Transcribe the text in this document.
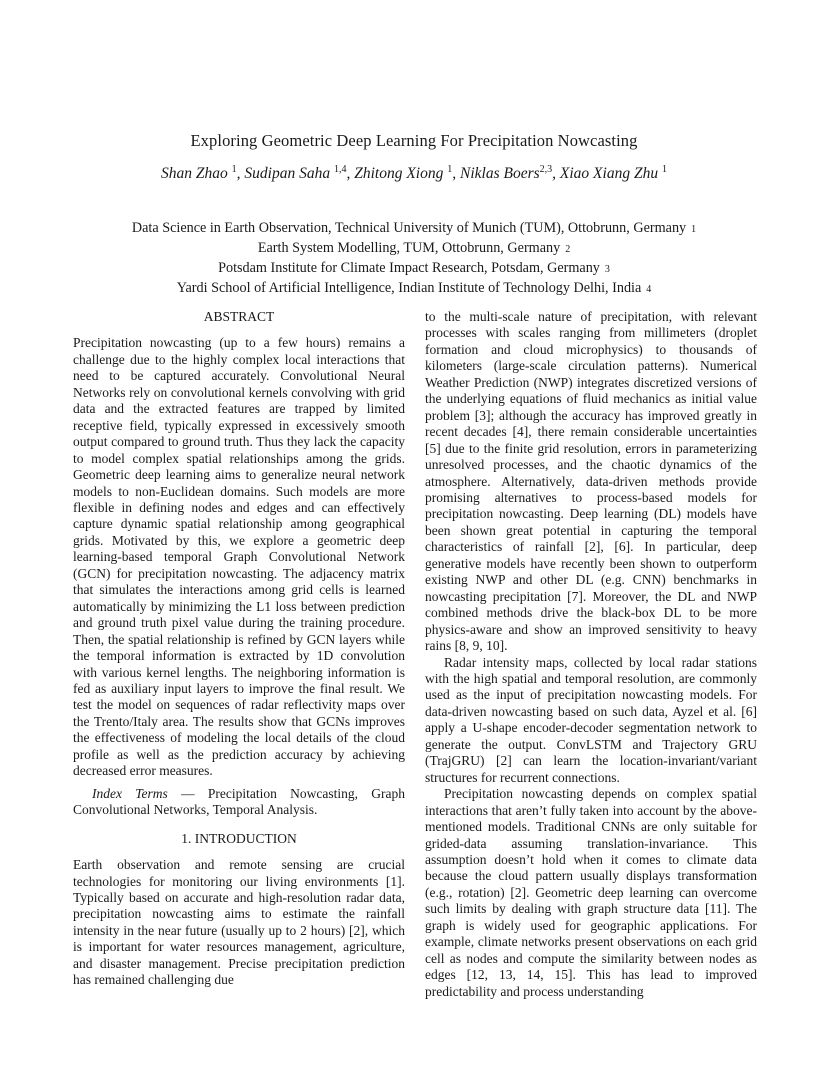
Exploring Geometric Deep Learning For Precipitation Nowcasting
Shan Zhao $^1$, Sudipan Saha $^{1,4}$, Zhitong Xiong $^1$, Niklas Boers$^{2,3}$, Xiao Xiang Zhu $^1$
Data Science in Earth Observation, Technical University of Munich (TUM), Ottobrunn, Germany 1
Earth System Modelling, TUM, Ottobrunn, Germany 2
Potsdam Institute for Climate Impact Research, Potsdam, Germany 3
Yardi School of Artificial Intelligence, Indian Institute of Technology Delhi, India 4

ABSTRACT

Precipitation nowcasting (up to a few hours) remains a challenge due to the highly complex local interactions that need to be captured accurately. Convolutional Neural Networks rely on convolutional kernels convolving with grid data and the extracted features are trapped by limited receptive field, typically expressed in excessively smooth output compared to ground truth. Thus they lack the capacity to model complex spatial relationships among the grids. Geometric deep learning aims to generalize neural network models to non-Euclidean domains. Such models are more flexible in defining nodes and edges and can effectively capture dynamic spatial relationship among geographical grids. Motivated by this, we explore a geometric deep learning-based temporal Graph Convolutional Network (GCN) for precipitation nowcasting. The adjacency matrix that simulates the interactions among grid cells is learned automatically by minimizing the L1 loss between prediction and ground truth pixel value during the training procedure. Then, the spatial relationship is refined by GCN layers while the temporal information is extracted by 1D convolution with various kernel lengths. The neighboring information is fed as auxiliary input layers to improve the final result. We test the model on sequences of radar reflectivity maps over the Trento/Italy area. The results show that GCNs improves the effectiveness of modeling the local details of the cloud profile as well as the prediction accuracy by achieving decreased error measures.

Index Terms — Precipitation Nowcasting, Graph Convolutional Networks, Temporal Analysis.

1. INTRODUCTION

Earth observation and remote sensing are crucial technologies for monitoring our living environments [1]. Typically based on accurate and high-resolution radar data, precipitation nowcasting aims to estimate the rainfall intensity in the near future (usually up to 2 hours) [2], which is important for water resources management, agriculture, and disaster management. Precise precipitation prediction has remained challenging due

to the multi-scale nature of precipitation, with relevant processes with scales ranging from millimeters (droplet formation and cloud microphysics) to thousands of kilometers (large-scale circulation patterns). Numerical Weather Prediction (NWP) integrates discretized versions of the underlying equations of fluid mechanics as initial value problem [3]; although the accuracy has improved greatly in recent decades [4], there remain considerable uncertainties [5] due to the finite grid resolution, errors in parameterizing unresolved processes, and the chaotic dynamics of the atmosphere. Alternatively, data-driven methods provide promising alternatives to process-based models for precipitation nowcasting. Deep learning (DL) models have been shown great potential in capturing the temporal characteristics of rainfall [2], [6]. In particular, deep generative models have recently been shown to outperform existing NWP and other DL (e.g. CNN) benchmarks in nowcasting precipitation [7]. Moreover, the DL and NWP combined methods drive the black-box DL to be more physics-aware and show an improved sensitivity to heavy rains [8, 9, 10].

Radar intensity maps, collected by local radar stations with the high spatial and temporal resolution, are commonly used as the input of precipitation nowcasting models. For data-driven nowcasting based on such data, Ayzel et al. [6] apply a U-shape encoder-decoder segmentation network to generate the output. ConvLSTM and Trajectory GRU (TrajGRU) [2] can learn the location-invariant/variant structures for recurrent connections.

Precipitation nowcasting depends on complex spatial interactions that aren’t fully taken into account by the above-mentioned models. Traditional CNNs are only suitable for grided-data assuming translation-invariance. This assumption doesn’t hold when it comes to climate data because the cloud pattern usually displays transformation (e.g., rotation) [2]. Geometric deep learning can overcome such limits by dealing with graph structure data [11]. The graph is widely used for geographic applications. For example, climate networks present observations on each grid cell as nodes and compute the similarity between nodes as edges [12, 13, 14, 15]. This has lead to improved predictability and process understanding
